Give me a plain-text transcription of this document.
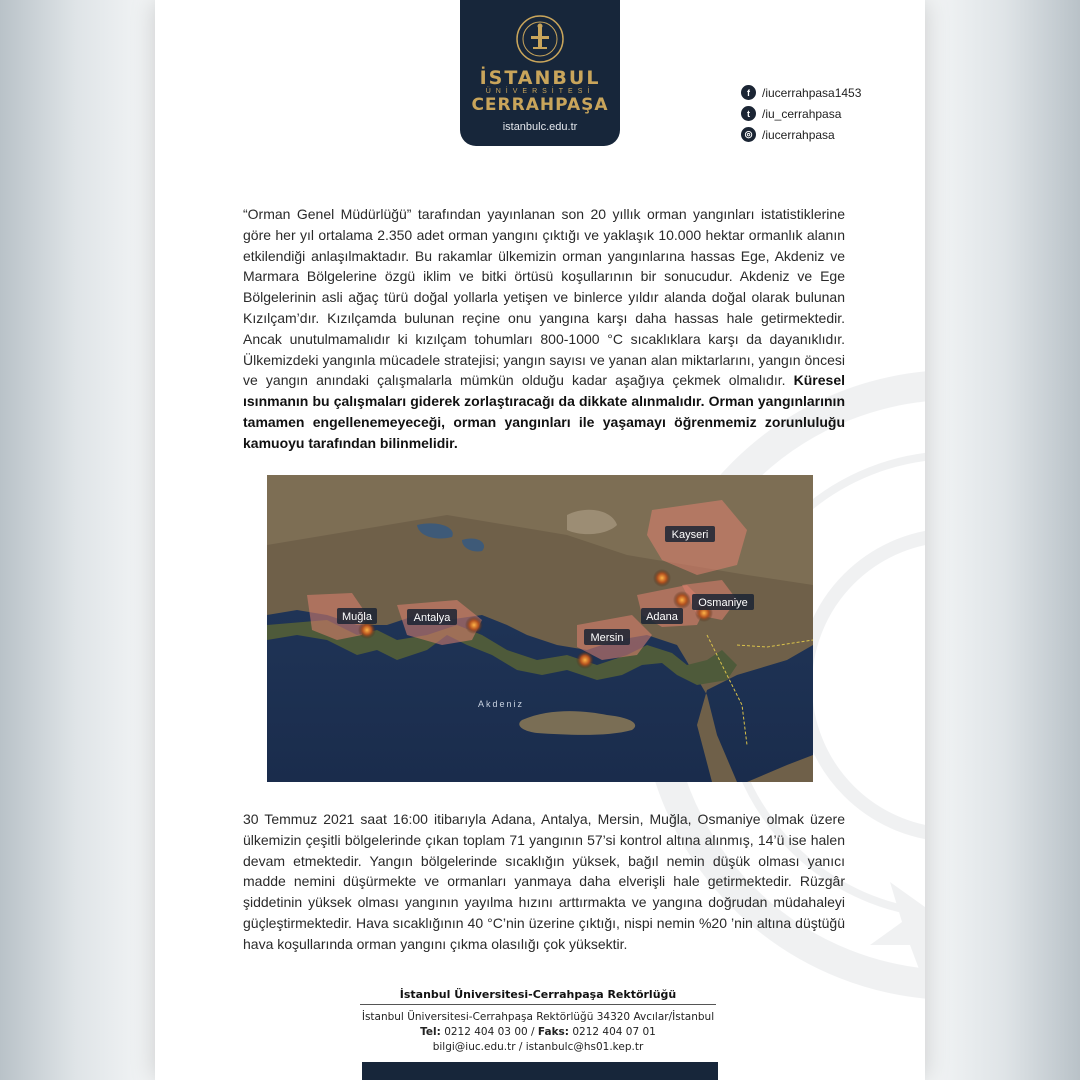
İSTANBUL
ÜNİVERSİTESİ
CERRAHPAŞA
istanbulc.edu.tr
f	/iucerrahpasa1453
t	/iu_cerrahpasa
◎ /iucerrahpasa
“Orman Genel Müdürlüğü” tarafından yayınlanan son 20 yıllık orman yangınları istatistiklerine göre her yıl ortalama 2.350 adet orman yangını çıktığı ve yaklaşık 10.000 hektar ormanlık alanın etkilendiği anlaşılmaktadır. Bu rakamlar ülkemizin orman yangınlarına hassas Ege, Akdeniz ve Marmara Bölgelerine özgü iklim ve bitki örtüsü koşullarının bir sonucudur. Akdeniz ve Ege Bölgelerinin asli ağaç türü doğal yollarla yetişen ve binlerce yıldır alanda doğal olarak bulunan Kızılçam’dır. Kızılçamda bulunan reçine onu yangına karşı daha hassas hale getirmektedir. Ancak unutulmamalıdır ki kızılçam tohumları 800-1000 °C sıcaklıklara karşı da dayanıklıdır. Ülkemizdeki yangınla mücadele stratejisi; yangın sayısı ve yanan alan miktarlarını, yangın öncesi ve yangın anındaki çalışmalarla mümkün olduğu kadar aşağıya çekmek olmalıdır. Küresel ısınmanın bu çalışmaları giderek zorlaştıracağı da dikkate alınmalıdır. Orman yangınlarının tamamen engellenemeyeceği, orman yangınları ile yaşamayı öğrenmemiz zorunluluğu kamuoyu tarafından bilinmelidir.
Kayseri
Osmaniye
Muğla	Antalya	Adana
Mersin
Akdeniz
30 Temmuz 2021 saat 16:00 itibarıyla Adana, Antalya, Mersin, Muğla, Osmaniye olmak üzere ülkemizin çeşitli bölgelerinde çıkan toplam 71 yangının 57’si kontrol altına alınmış, 14’ü ise halen devam etmektedir. Yangın bölgelerinde sıcaklığın yüksek, bağıl nemin düşük olması yanıcı madde nemini düşürmekte ve ormanları yanmaya daha elverişli hale getirmektedir. Rüzgâr şiddetinin yüksek olması yangının yayılma hızını arttırmakta ve yangına doğrudan müdahaleyi güçleştirmektedir. Hava sıcaklığının 40 °C’nin üzerine çıktığı, nispi nemin %20 ’nin altına düştüğü hava koşullarında orman yangını çıkma olasılığı çok yüksektir.
İstanbul Üniversitesi-Cerrahpaşa Rektörlüğü
İstanbul Üniversitesi-Cerrahpaşa Rektörlüğü 34320 Avcılar/İstanbul
Tel: 0212 404 03 00 / Faks: 0212 404 07 01
bilgi@iuc.edu.tr / istanbulc@hs01.kep.tr
